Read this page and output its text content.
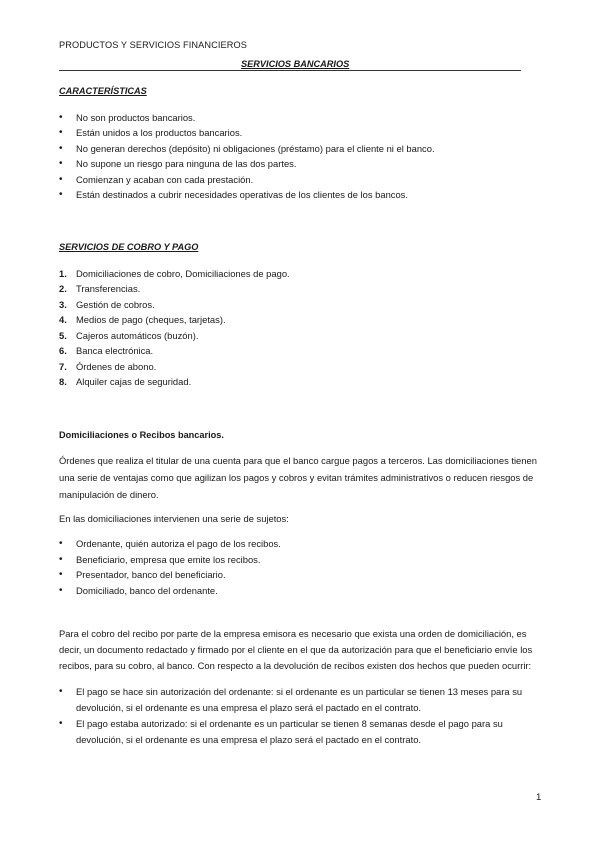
PRODUCTOS Y SERVICIOS FINANCIEROS
SERVICIOS BANCARIOS
CARACTERÍSTICAS
• No son productos bancarios.
• Están unidos a los productos bancarios.
• No generan derechos (depósito) ni obligaciones (préstamo) para el cliente ni el banco.
• No supone un riesgo para ninguna de las dos partes.
• Comienzan y acaban con cada prestación.
• Están destinados a cubrir necesidades operativas de los clientes de los bancos.
SERVICIOS DE COBRO Y PAGO
1. Domiciliaciones de cobro, Domiciliaciones de pago.
2. Transferencias.
3. Gestión de cobros.
4. Medios de pago (cheques, tarjetas).
5. Cajeros automáticos (buzón).
6. Banca electrónica.
7. Órdenes de abono.
8. Alquiler cajas de seguridad.
Domiciliaciones o Recibos bancarios.

Órdenes que realiza el titular de una cuenta para que el banco cargue pagos a terceros. Las domiciliaciones tienen una serie de ventajas como que agilizan los pagos y cobros y evitan trámites administrativos o reducen riesgos de manipulación de dinero.

En las domiciliaciones intervienen una serie de sujetos:

• Ordenante, quién autoriza el pago de los recibos.
• Beneficiario, empresa que emite los recibos.
• Presentador, banco del beneficiario.
• Domiciliado, banco del ordenante.

Para el cobro del recibo por parte de la empresa emisora es necesario que exista una orden de domiciliación, es decir, un documento redactado y firmado por el cliente en el que da autorización para que el beneficiario envíe los recibos, para su cobro, al banco. Con respecto a la devolución de recibos existen dos hechos que pueden ocurrir:

• El pago se hace sin autorización del ordenante: si el ordenante es un particular se tienen 13 meses para su devolución, si el ordenante es una empresa el plazo será el pactado en el contrato.
• El pago estaba autorizado: si el ordenante es un particular se tienen 8 semanas desde el pago para su devolución, si el ordenante es una empresa el plazo será el pactado en el contrato.
1
